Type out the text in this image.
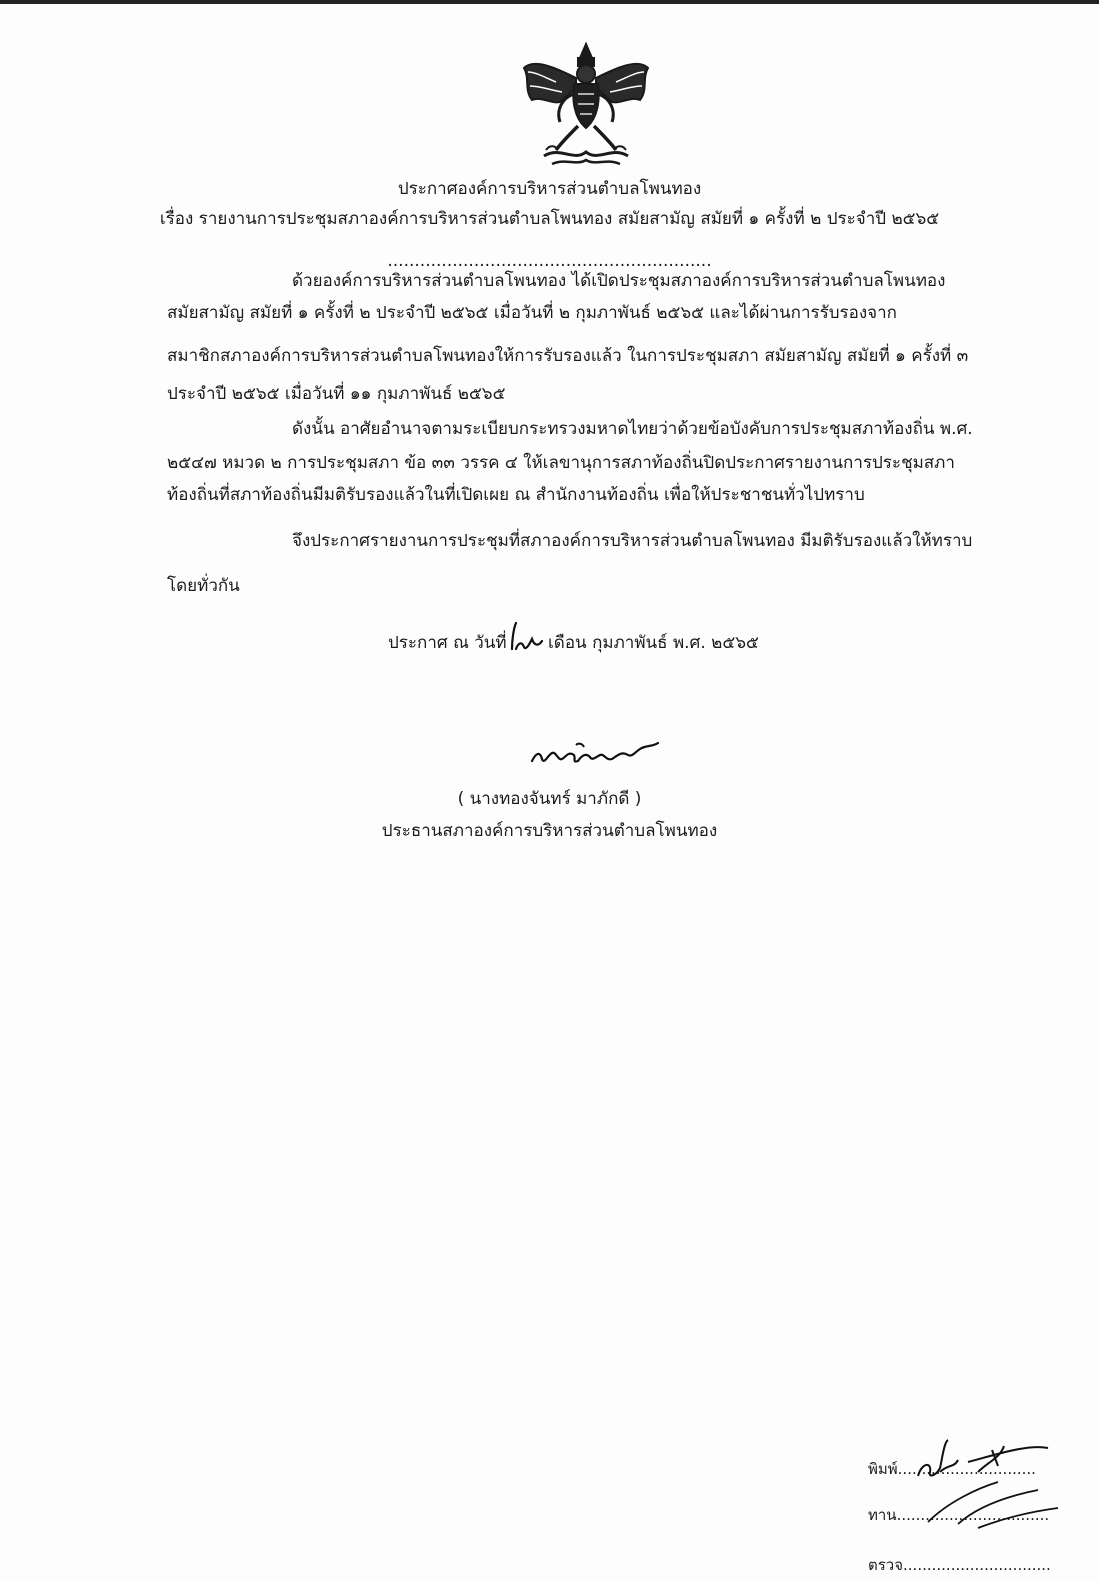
ประกาศองค์การบริหารส่วนตำบลโพนทอง
เรื่อง รายงานการประชุมสภาองค์การบริหารส่วนตำบลโพนทอง สมัยสามัญ สมัยที่ ๑ ครั้งที่ ๒ ประจำปี ๒๕๖๕
............................................................
ด้วยองค์การบริหารส่วนตำบลโพนทอง ได้เปิดประชุมสภาองค์การบริหารส่วนตำบลโพนทอง
สมัยสามัญ สมัยที่ ๑ ครั้งที่ ๒ ประจำปี ๒๕๖๕ เมื่อวันที่ ๒ กุมภาพันธ์ ๒๕๖๕ และได้ผ่านการรับรองจาก
สมาชิกสภาองค์การบริหารส่วนตำบลโพนทองให้การรับรองแล้ว ในการประชุมสภา สมัยสามัญ สมัยที่ ๑ ครั้งที่ ๓
ประจำปี ๒๕๖๕ เมื่อวันที่ ๑๑ กุมภาพันธ์ ๒๕๖๕
ดังนั้น อาศัยอำนาจตามระเบียบกระทรวงมหาดไทยว่าด้วยข้อบังคับการประชุมสภาท้องถิ่น พ.ศ.
๒๕๔๗ หมวด ๒ การประชุมสภา ข้อ ๓๓ วรรค ๔ ให้เลขานุการสภาท้องถิ่นปิดประกาศรายงานการประชุมสภา
ท้องถิ่นที่สภาท้องถิ่นมีมติรับรองแล้วในที่เปิดเผย ณ สำนักงานท้องถิ่น เพื่อให้ประชาชนทั่วไปทราบ
จึงประกาศรายงานการประชุมที่สภาองค์การบริหารส่วนตำบลโพนทอง มีมติรับรองแล้วให้ทราบ
โดยทั่วกัน
ประกาศ ณ วันที่ เดือน กุมภาพันธ์ พ.ศ. ๒๕๖๕
( นางทองจันทร์ มาภักดี )
ประธานสภาองค์การบริหารส่วนตำบลโพนทอง
พิมพ์.............................
ทาน................................
ตรวจ...............................
